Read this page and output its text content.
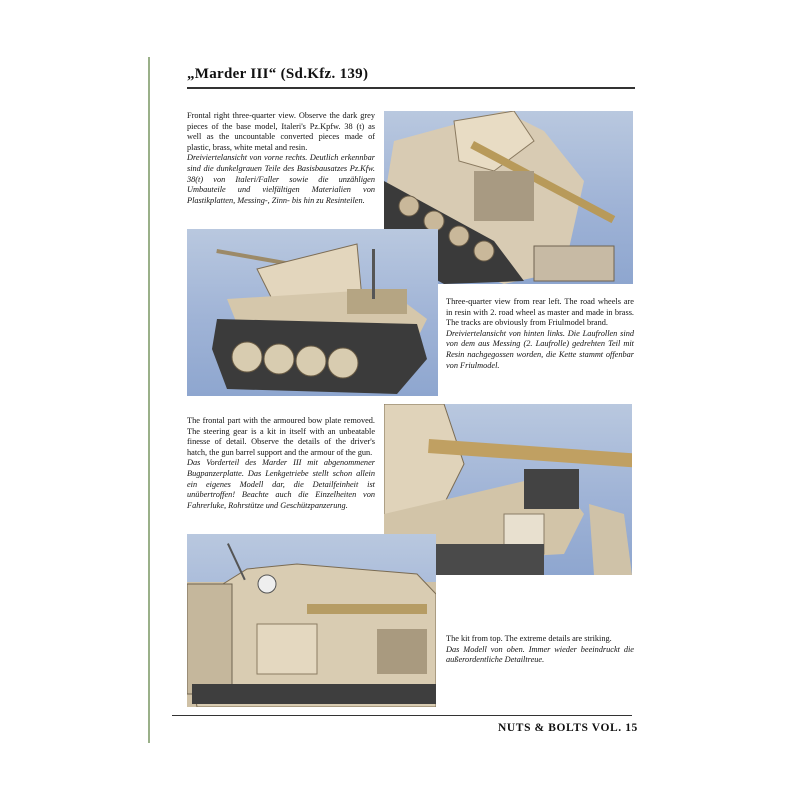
„Marder III“ (Sd.Kfz. 139)
Frontal right three-quarter view. Observe the dark grey pieces of the base model, Italeri's Pz.Kpfw. 38 (t) as well as the uncountable converted pieces made of plastic, brass, white metal and resin.
Dreiviertelansicht von vorne rechts. Deutlich erkennbar sind die dunkelgrauen Teile des Basisbausatzes Pz.Kfw. 38(t) von Italeri/Faller sowie die unzähligen Umbauteile und vielfältigen Materialien von Plastikplatten, Messing-, Zinn- bis hin zu Resinteilen.
Three-quarter view from rear left. The road wheels are in resin with 2. road wheel as master and made in brass. The tracks are obviously from Friulmodel brand.
Dreiviertelansicht von hinten links. Die Laufrollen sind von dem aus Messing (2. Laufrolle) gedrehten Teil mit Resin nachgegossen worden, die Kette stammt offenbar von Friulmodel.
The frontal part with the armoured bow plate removed. The steering gear is a kit in itself with an unbeatable finesse of detail. Observe the details of the driver's hatch, the gun barrel support and the armour of the gun.
Das Vorderteil des Marder III mit abgenommener Bugpanzerplatte. Das Lenkgetriebe stellt schon allein ein eigenes Modell dar, die Detailfeinheit ist unübertroffen! Beachte auch die Einzelheiten von Fahrerluke, Rohrstütze und Geschützpanzerung.
The kit from top. The extreme details are striking.
Das Modell von oben. Immer wieder beeindruckt die außerordentliche Detailtreue.
NUTS & BOLTS VOL. 15
